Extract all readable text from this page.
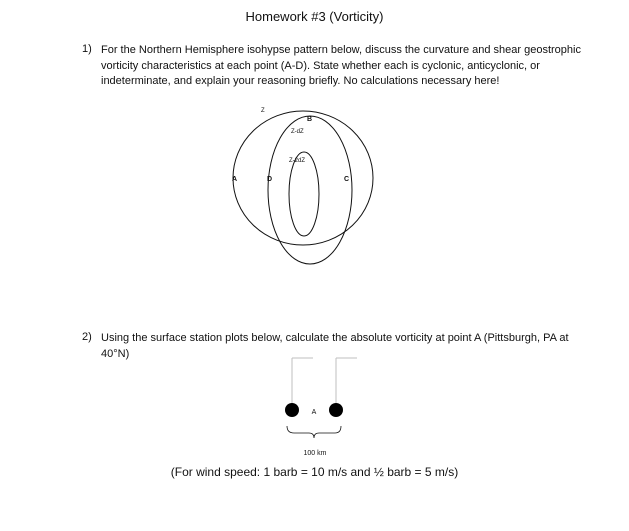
Homework #3 (Vorticity)
1) For the Northern Hemisphere isohypse pattern below, discuss the curvature and shear geostrophic vorticity characteristics at each point (A-D). State whether each is cyclonic, anticyclonic, or indeterminate, and explain your reasoning briefly. No calculations necessary here!
Z
Z-dZ
Z-2dZ
A
B
C
D
A
100 km
2) Using the surface station plots below, calculate the absolute vorticity at point A (Pittsburgh, PA at 40°N)
(For wind speed: 1 barb = 10 m/s and ½ barb = 5 m/s)
